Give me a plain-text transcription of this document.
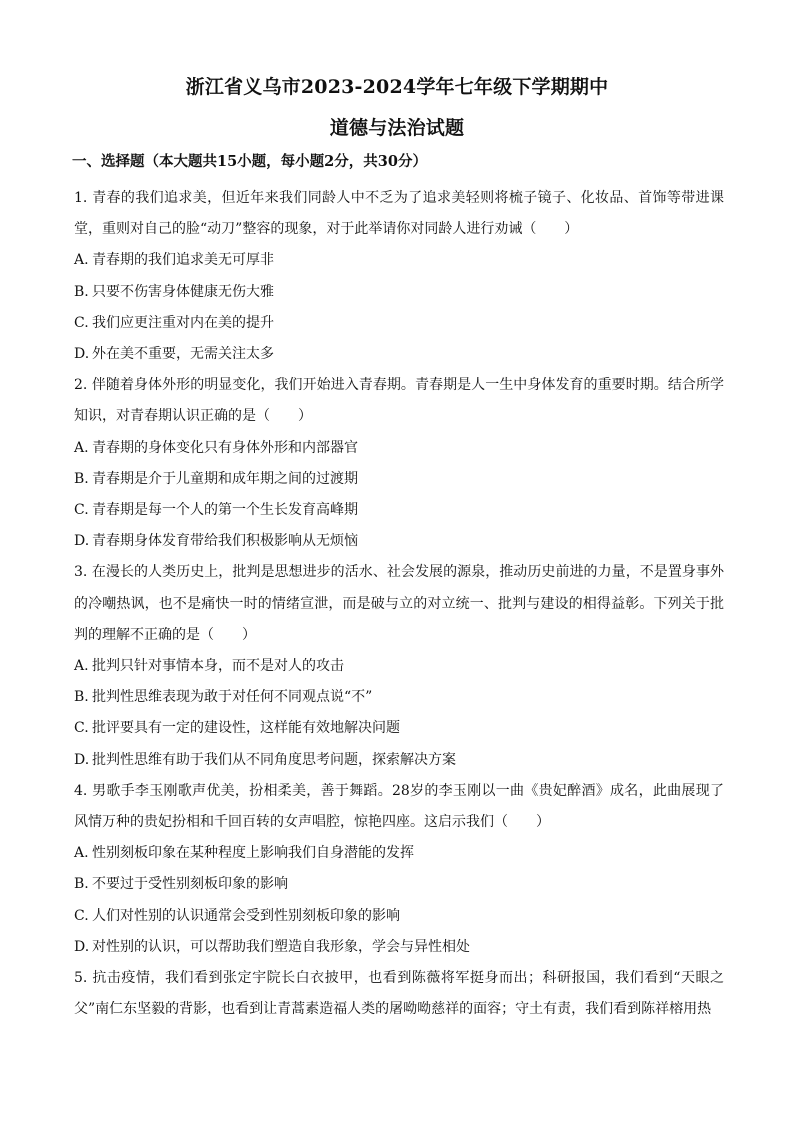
浙江省义乌市2023-2024学年七年级下学期期中
道德与法治试题
一、选择题（本大题共15小题，每小题2分，共30分）

1. 青春的我们追求美，但近年来我们同龄人中不乏为了追求美轻则将梳子镜子、化妆品、首饰等带进课堂，重则对自己的脸“动刀”整容的现象，对于此举请你对同龄人进行劝诫（　　）

A. 青春期的我们追求美无可厚非

B. 只要不伤害身体健康无伤大雅

C. 我们应更注重对内在美的提升

D. 外在美不重要，无需关注太多

2. 伴随着身体外形的明显变化，我们开始进入青春期。青春期是人一生中身体发育的重要时期。结合所学知识，对青春期认识正确的是（　　）

A. 青春期的身体变化只有身体外形和内部器官

B. 青春期是介于儿童期和成年期之间的过渡期

C. 青春期是每一个人的第一个生长发育高峰期

D. 青春期身体发育带给我们积极影响从无烦恼

3. 在漫长的人类历史上，批判是思想进步的活水、社会发展的源泉，推动历史前进的力量，不是置身事外的冷嘲热讽，也不是痛快一时的情绪宣泄，而是破与立的对立统一、批判与建设的相得益彰。下列关于批判的理解不正确的是（　　）

A. 批判只针对事情本身，而不是对人的攻击

B. 批判性思维表现为敢于对任何不同观点说“不”

C. 批评要具有一定的建设性，这样能有效地解决问题

D. 批判性思维有助于我们从不同角度思考问题，探索解决方案

4. 男歌手李玉刚歌声优美，扮相柔美，善于舞蹈。28岁的李玉刚以一曲《贵妃醉酒》成名，此曲展现了风情万种的贵妃扮相和千回百转的女声唱腔，惊艳四座。这启示我们（　　）

A. 性别刻板印象在某种程度上影响我们自身潜能的发挥

B. 不要过于受性别刻板印象的影响

C. 人们对性别的认识通常会受到性别刻板印象的影响

D. 对性别的认识，可以帮助我们塑造自我形象，学会与异性相处

5. 抗击疫情，我们看到张定宇院长白衣披甲，也看到陈薇将军挺身而出；科研报国，我们看到“天眼之父”南仁东坚毅的背影，也看到让青蒿素造福人类的屠呦呦慈祥的面容；守土有责，我们看到陈祥榕用热
